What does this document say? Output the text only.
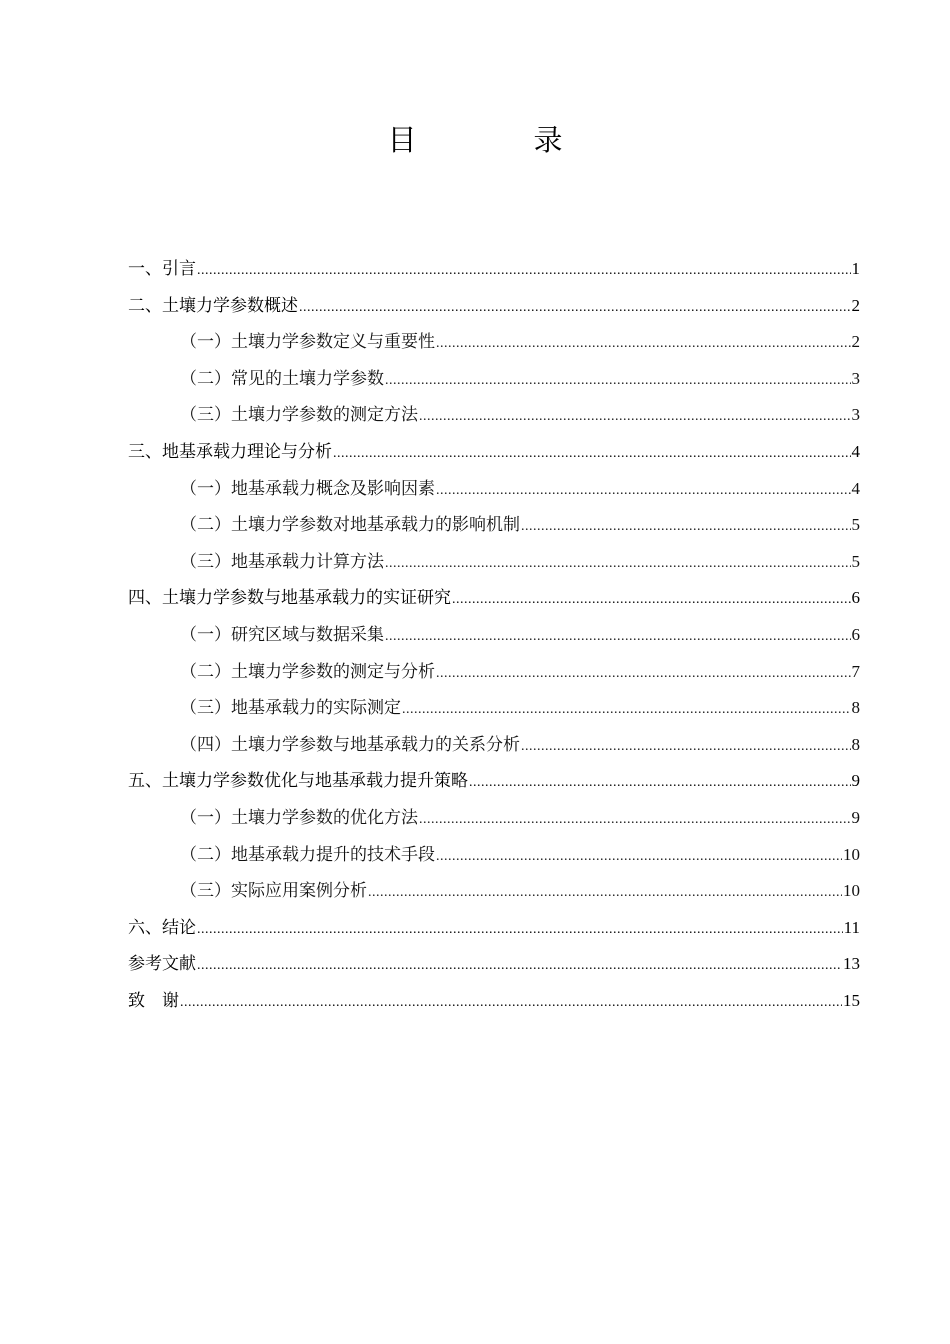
目　录
一、引言 .....	1
二、土壤力学参数概述 .....	2
（一）土壤力学参数定义与重要性 .....	2
（二）常见的土壤力学参数 .....	3
（三）土壤力学参数的测定方法 .....	3
三、地基承载力理论与分析 .....	4
（一）地基承载力概念及影响因素 .....	4
（二）土壤力学参数对地基承载力的影响机制 .....	5
（三）地基承载力计算方法 .....	5
四、土壤力学参数与地基承载力的实证研究 .....	6
（一）研究区域与数据采集 .....	6
（二）土壤力学参数的测定与分析 .....	7
（三）地基承载力的实际测定 .....	8
（四）土壤力学参数与地基承载力的关系分析 .....	8
五、土壤力学参数优化与地基承载力提升策略 .....	9
（一）土壤力学参数的优化方法 .....	9
（二）地基承载力提升的技术手段 .....	10
（三）实际应用案例分析 .....	10
六、结论 .....	11
参考文献 .....	13
致　谢 .....	15
